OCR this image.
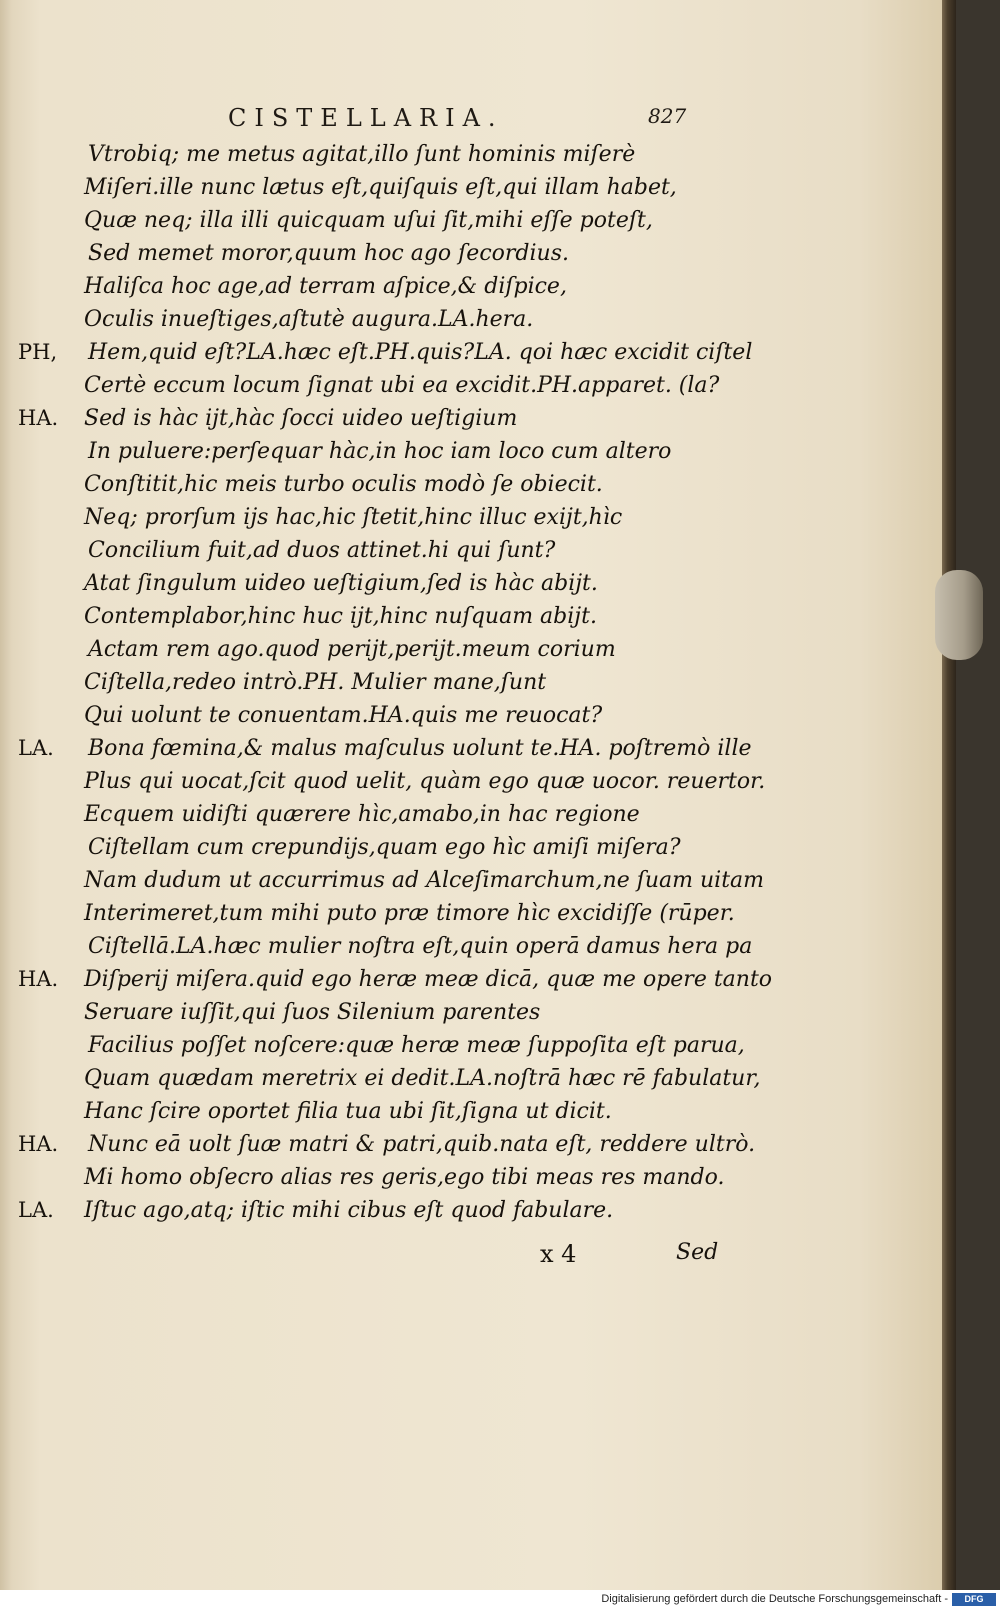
CISTELLARIA.	827
Vtrobiq; me metus agitat,illo ſunt hominis miſerè
Miſeri.ille nunc lætus eſt,quiſquis eſt,qui illam habet,
Quæ neq; illa illi quicquam uſui ſit,mihi eſſe poteſt,
Sed memet moror,quum hoc ago ſecordius.
Haliſca hoc age,ad terram aſpice,& diſpice,
Oculis inueſtiges,aſtutè augura.LA.hera.
PH, Hem,quid eſt?LA.hæc eſt.PH.quis?LA. qoi hæc excidit ciſtel
Certè eccum locum ſignat ubi ea excidit.PH.apparet. (la?
HA. Sed is hàc ijt,hàc ſocci uideo ueſtigium
In puluere:perſequar hàc,in hoc iam loco cum altero
Conſtitit,hic meis turbo oculis modò ſe obiecit.
Neq; prorſum ijs hac,hic ſtetit,hinc illuc exijt,hìc
Concilium fuit,ad duos attinet.hi qui ſunt?
Atat ſingulum uideo ueſtigium,ſed is hàc abijt.
Contemplabor,hinc huc ijt,hinc nuſquam abijt.
Actam rem ago.quod perijt,perijt.meum corium
Ciſtella,redeo intrò.PH. Mulier mane,ſunt
Qui uolunt te conuentam.HA.quis me reuocat?
LA. Bona fœmina,& malus maſculus uolunt te.HA. poſtremò ille
Plus qui uocat,ſcit quod uelit, quàm ego quæ uocor. reuertor.
Ecquem uidiſti quærere hìc,amabo,in hac regione
Ciſtellam cum crepundijs,quam ego hìc amiſi miſera?
Nam dudum ut accurrimus ad Alceſimarchum,ne ſuam uitam
Interimeret,tum mihi puto præ timore hìc excidiſſe (rūper.
Ciſtellā.LA.hæc mulier noſtra eſt,quin operā damus hera pa
HA. Diſperij miſera.quid ego heræ meæ dicā, quæ me opere tanto
Seruare iuſſit,qui ſuos Silenium parentes
Facilius poſſet noſcere:quæ heræ meæ ſuppoſita eſt parua,
Quam quædam meretrix ei dedit.LA.noſtrā hæc rē fabulatur,
Hanc ſcire oportet filia tua ubi ſit,ſigna ut dicit.
HA. Nunc eā uolt ſuæ matri & patri,quib.nata eſt, reddere ultrò.
Mi homo obſecro alias res geris,ego tibi meas res mando.
LA. Iſtuc ago,atq; iſtic mihi cibus eſt quod fabulare.
x 4	Sed
Digitalisierung gefördert durch die Deutsche Forschungsgemeinschaft -	DFG
